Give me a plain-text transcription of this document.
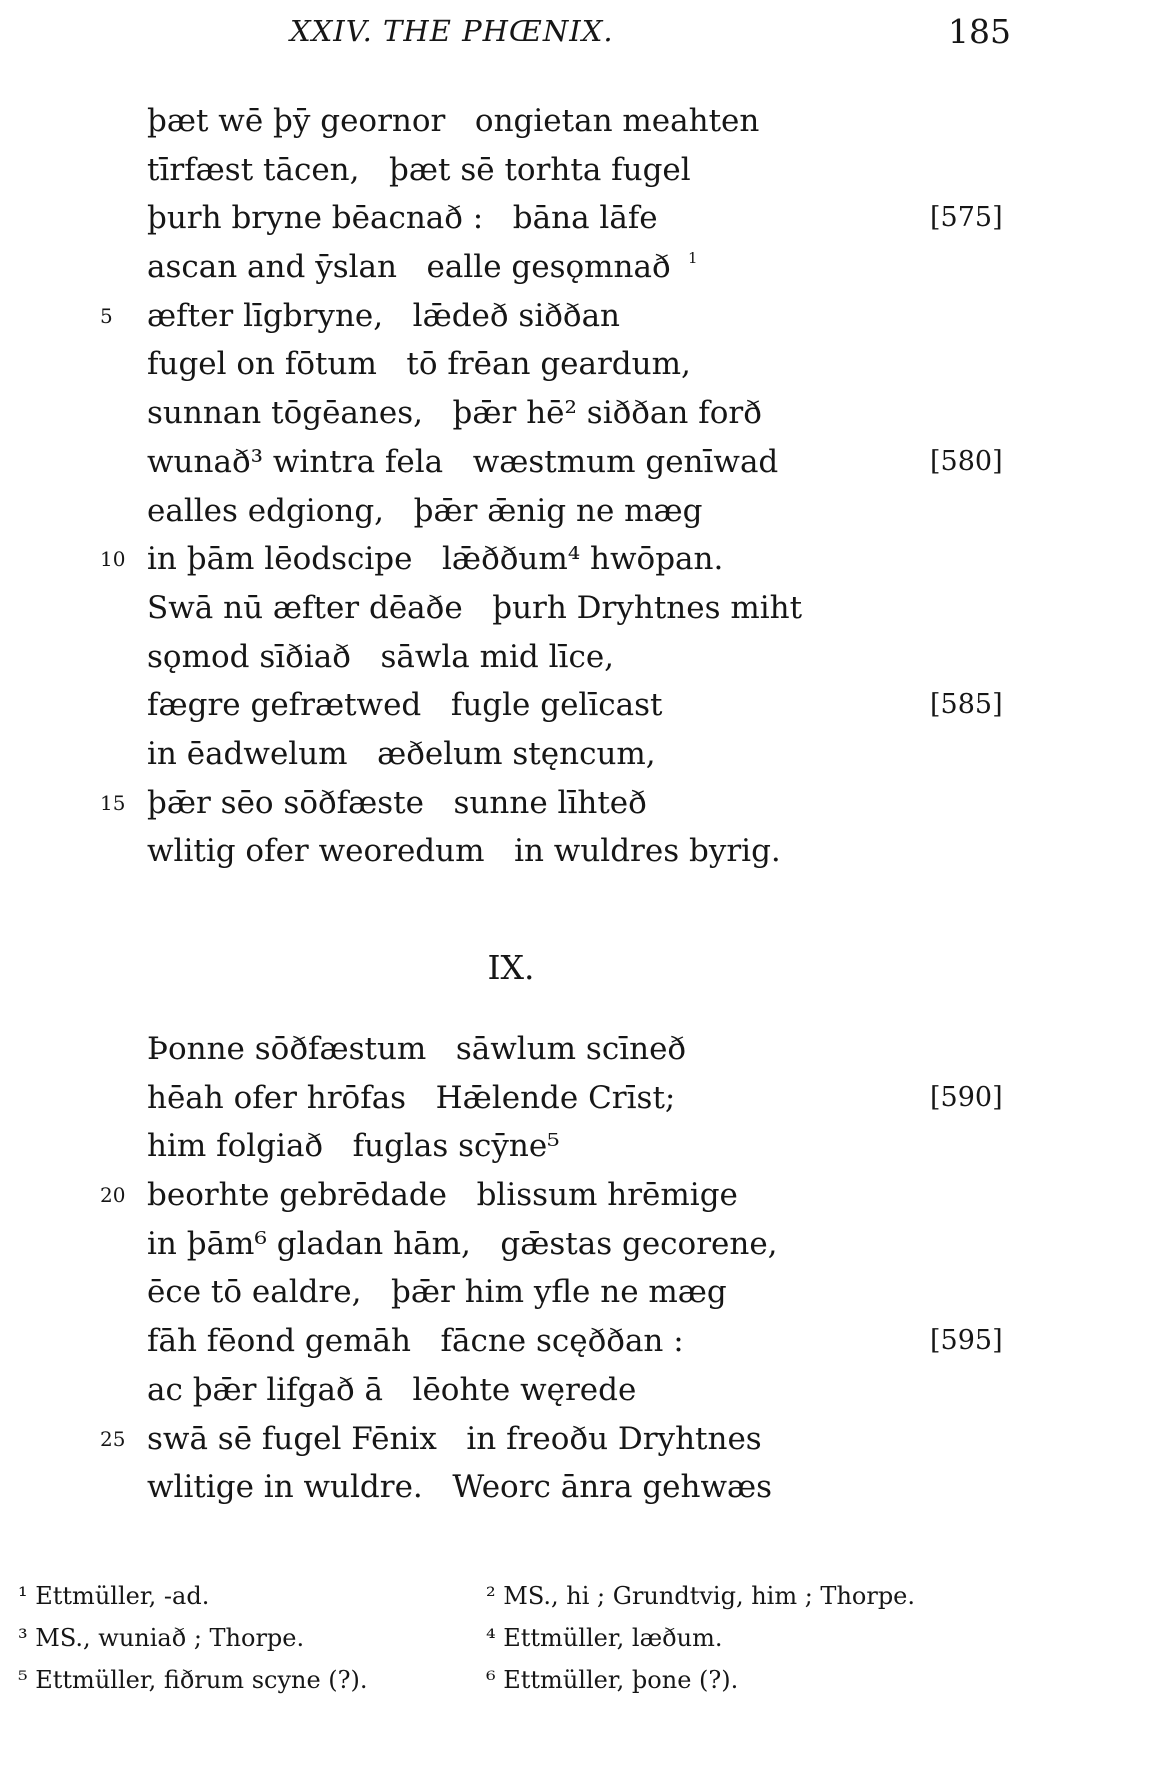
XXIV. THE PHŒNIX.	185
þæt wē þȳ geornor   ongietan meahten
tīrfæst tācen,   þæt sē torhta fugel
þurh bryne bēacnað :   bāna lāfe	[575]
ascan and ȳslan   ealle gesǫmnað 1
5	æfter līgbryne,   lǣdeð siððan
fugel on fōtum   tō frēan geardum,
sunnan tōgēanes,   þǣr hē² siððan forð
wunað³ wintra fela   wæstmum genīwad	[580]
ealles edgiong,   þǣr ǣnig ne mæg
10 in þām lēodscipe   lǣððum⁴ hwōpan.
Swā nū æfter dēaðe   þurh Dryhtnes miht
sǫmod sīðiað   sāwla mid līce,
fægre gefrætwed   fugle gelīcast	[585]
in ēadwelum   æðelum stęncum,
15 þǣr sēo sōðfæste   sunne līhteð
wlitig ofer weoredum   in wuldres byrig.
IX.
Þonne sōðfæstum   sāwlum scīneð
hēah ofer hrōfas   Hǣlende Crīst;	[590]
him folgiað   fuglas scȳne⁵
20 beorhte gebrēdade   blissum hrēmige
in þām⁶ gladan hām,   gǣstas gecorene,
ēce tō ealdre,   þǣr him yfle ne mæg
fāh fēond gemāh   fācne scęððan :	[595]
ac þǣr lifgað ā   lēohte węrede
25 swā sē fugel Fēnix   in freoðu Dryhtnes
wlitige in wuldre.   Weorc ānra gehwæs
¹ Ettmüller, -ad.	² MS., hi ; Grundtvig, him ; Thorpe.
³ MS., wuniað ; Thorpe.	⁴ Ettmüller, læðum.
⁵ Ettmüller, fiðrum scyne (?).	⁶ Ettmüller, þone (?).
